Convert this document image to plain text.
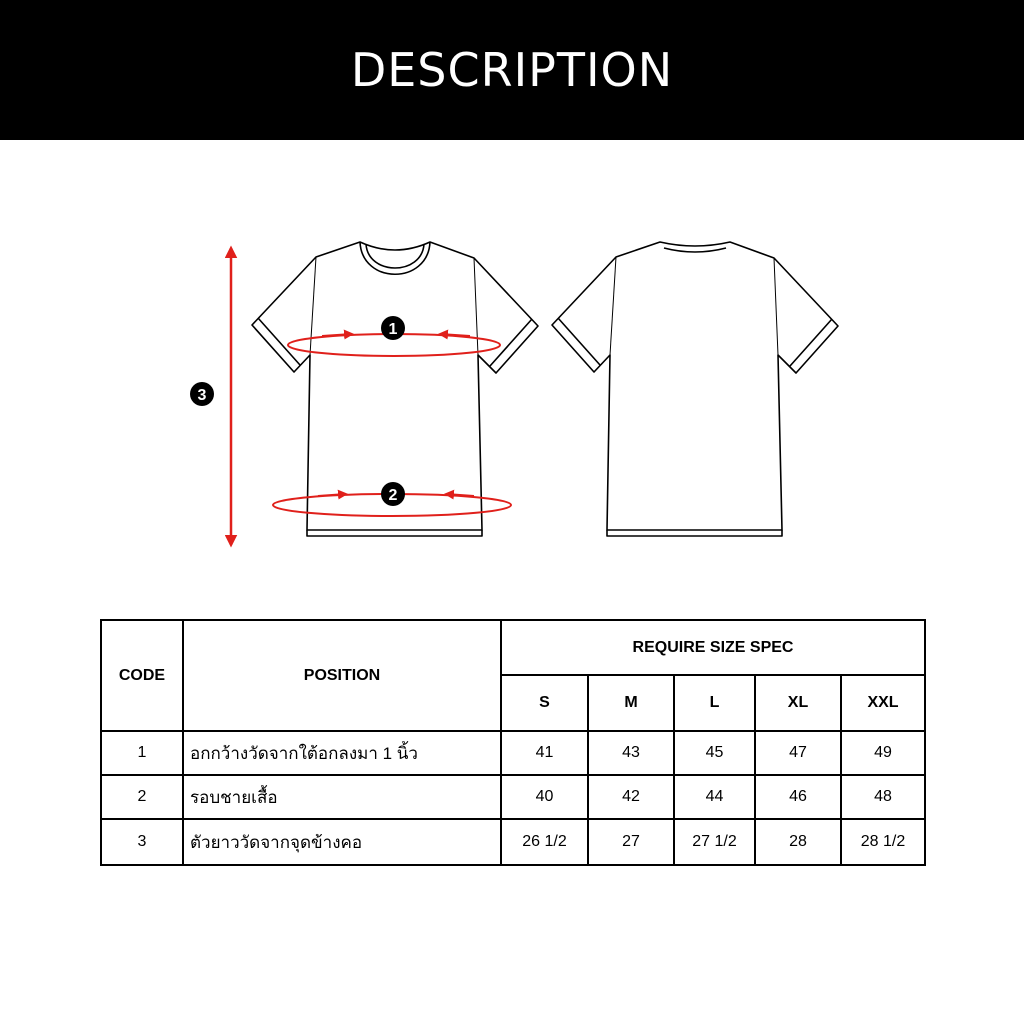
DESCRIPTION
1
2
3
CODE	POSITION	REQUIRE SIZE SPEC				
		S	M	L	XL	XXL
1	อกกว้างวัดจากใต้อกลงมา 1 นิ้ว	41	43	45	47	49
2	รอบชายเสื้อ	40	42	44	46	48
3	ตัวยาววัดจากจุดข้างคอ	26 1/2	27	27 1/2	28	28 1/2
